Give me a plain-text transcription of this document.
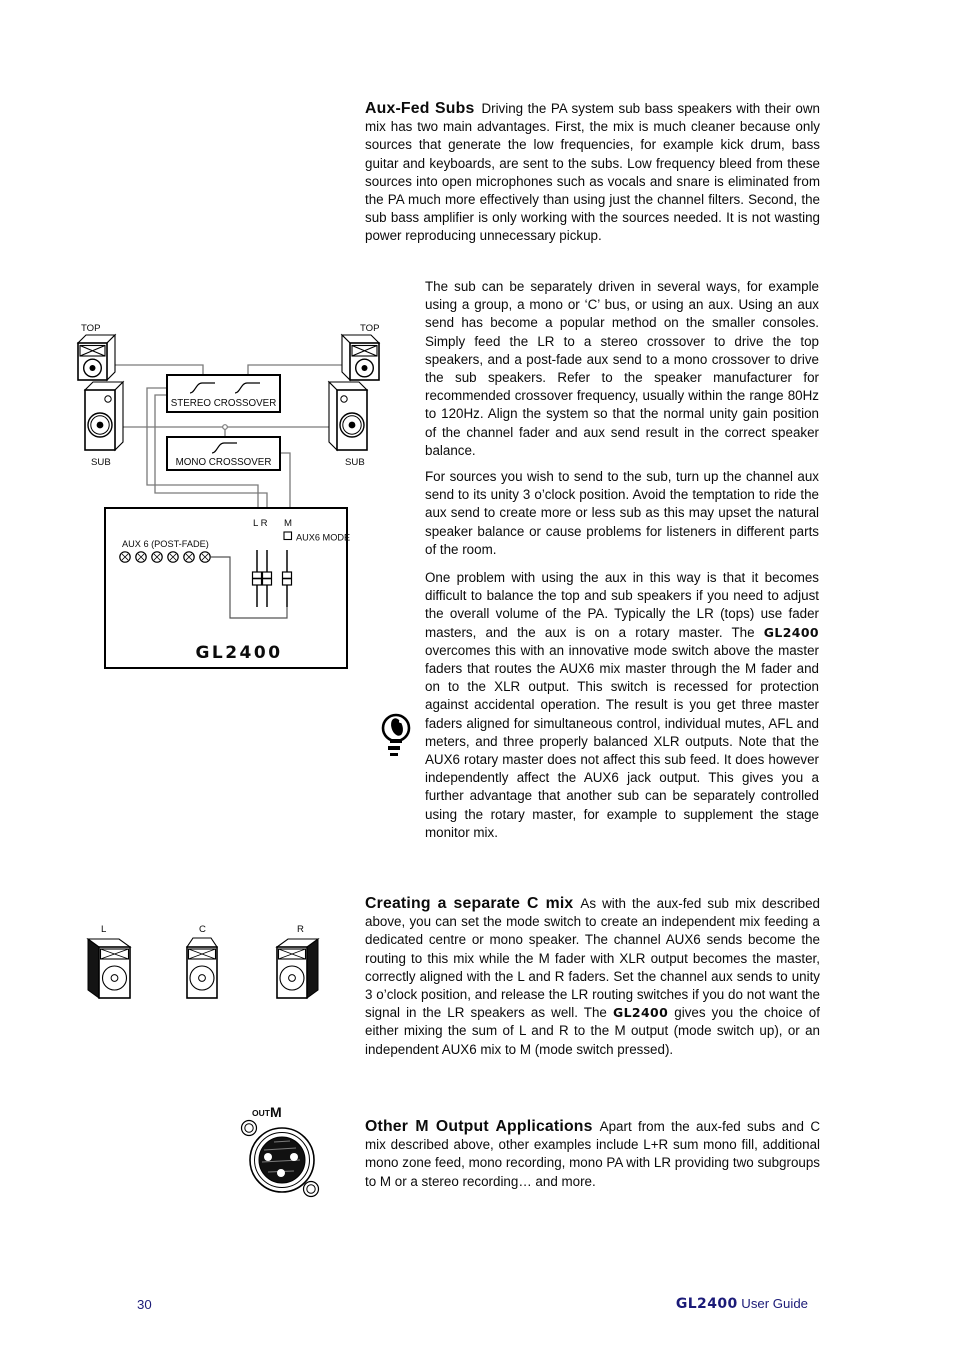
TOP	TOP
SUB	SUB
STEREO CROSSOVER
MONO CROSSOVER
L R M
AUX 6 (POST-FADE)
AUX6 MODE
GL2400
L	C	R
OUT M
Aux-Fed Subs Driving the PA system sub bass speakers with their own mix has two main advantages. First, the mix is much cleaner because only sources that generate the low frequencies, for example kick drum, bass guitar and keyboards, are sent to the subs. Low frequency bleed from these sources into open microphones such as vocals and snare is eliminated from the PA much more effectively than using just the channel filters. Second, the sub bass amplifier is only working with the sources needed. It is not wasting power reproducing unnecessary pickup.
The sub can be separately driven in several ways, for example using a group, a mono or ‘C’ bus, or using an aux. Using an aux send has become a popular method on the smaller consoles. Simply feed the LR to a stereo crossover to drive the top speakers, and a post-fade aux send to a mono crossover to drive the sub speakers. Refer to the speaker manufacturer for recommended crossover frequency, usually within the range 80Hz to 120Hz. Align the system so that the normal unity gain position of the channel fader and aux send result in the correct speaker balance.
For sources you wish to send to the sub, turn up the channel aux send to its unity 3 o’clock position. Avoid the temptation to ride the aux send to create more or less sub as this may upset the natural speaker balance or cause problems for listeners in different parts of the room.
One problem with using the aux in this way is that it becomes difficult to balance the top and sub speakers if you need to adjust the overall volume of the PA. Typically the LR (tops) use fader masters, and the aux is on a rotary master. The GL2400 overcomes this with an innovative mode switch above the master faders that routes the AUX6 mix master through the M fader and on to the XLR output. This switch is recessed for protection against accidental operation. The result is you get three master faders aligned for simultaneous control, individual mutes, AFL and meters, and three properly balanced XLR outputs. Note that the AUX6 rotary master does not affect this sub feed. It does however independently affect the AUX6 jack output. This gives you a further advantage that another sub can be separately controlled using the rotary master, for example to supplement the stage monitor mix.
Creating a separate C mix As with the aux-fed sub mix described above, you can set the mode switch to create an independent mix feeding a dedicated centre or mono speaker. The channel AUX6 sends become the routing to this mix while the M fader with XLR output becomes the master, correctly aligned with the L and R faders. Set the channel aux sends to unity 3 o’clock position, and release the LR routing switches if you do not want the signal in the LR speakers as well. The GL2400 gives you the choice of either mixing the sum of L and R to the M output (mode switch up), or an independent AUX6 mix to M (mode switch pressed).
Other M Output Applications Apart from the aux-fed subs and C mix described above, other examples include L+R sum mono fill, additional mono zone feed, mono recording, mono PA with LR providing two subgroups to M or a stereo recording… and more.
30	GL2400 User Guide
